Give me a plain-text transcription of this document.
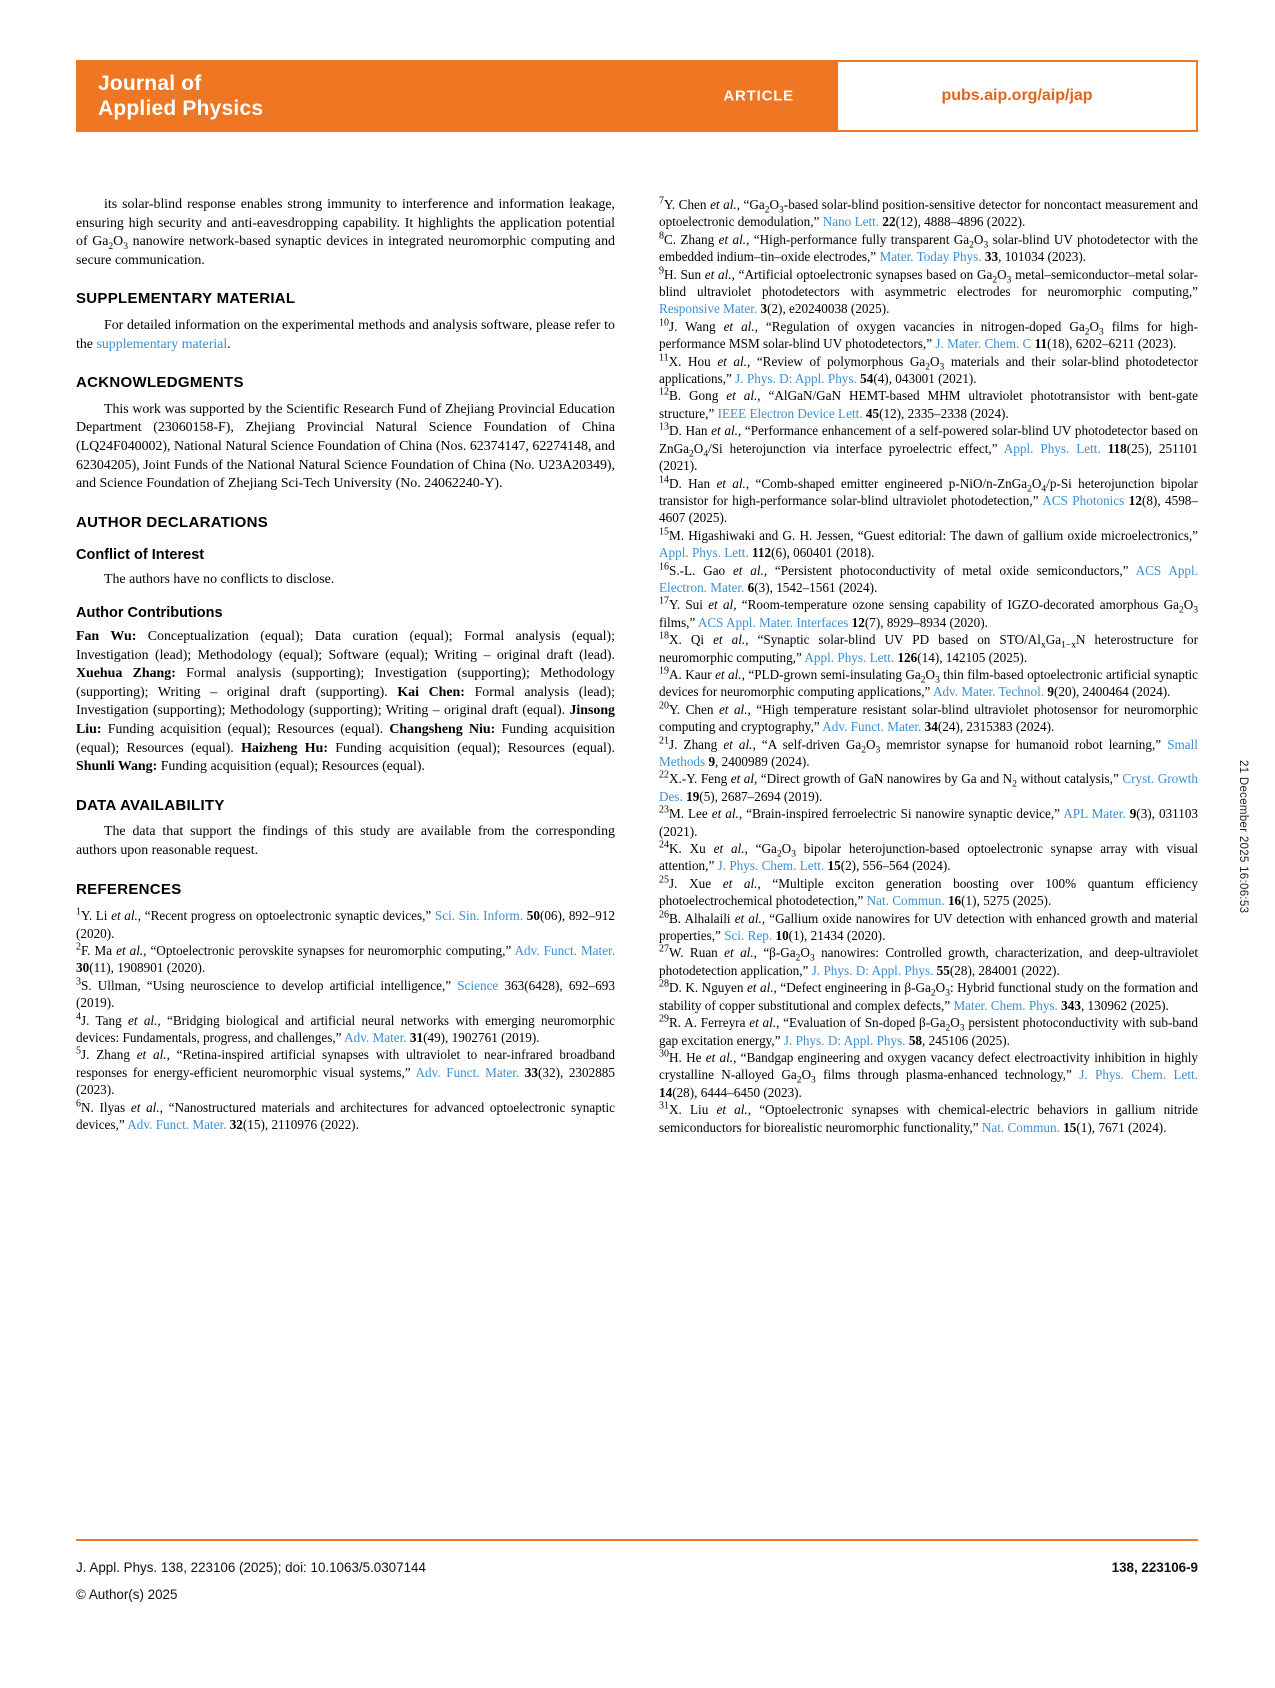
Journal of
Applied Physics
ARTICLE	pubs.aip.org/aip/jap

its solar-blind response enables strong immunity to interference and information leakage, ensuring high security and anti-eavesdropping capability. It highlights the application potential of $Ga_2O_3$ nanowire network-based synaptic devices in integrated neuromorphic computing and secure communication.

SUPPLEMENTARY MATERIAL

For detailed information on the experimental methods and analysis software, please refer to the supplementary material.

ACKNOWLEDGMENTS

This work was supported by the Scientific Research Fund of Zhejiang Provincial Education Department (23060158-F), Zhejiang Provincial Natural Science Foundation of China (LQ24F040002), National Natural Science Foundation of China (Nos. 62374147, 62274148, and 62304205), Joint Funds of the National Natural Science Foundation of China (No. U23A20349), and Science Foundation of Zhejiang Sci-Tech University (No. 24062240-Y).

AUTHOR DECLARATIONS
Conflict of Interest

The authors have no conflicts to disclose.

Author Contributions

Fan Wu: Conceptualization (equal); Data curation (equal); Formal analysis (equal); Investigation (lead); Methodology (equal); Software (equal); Writing – original draft (lead). Xuehua Zhang: Formal analysis (supporting); Investigation (supporting); Methodology (supporting); Writing – original draft (supporting). Kai Chen: Formal analysis (lead); Investigation (supporting); Methodology (supporting); Writing – original draft (equal). Jinsong Liu: Funding acquisition (equal); Resources (equal). Changsheng Niu: Funding acquisition (equal); Resources (equal). Haizheng Hu: Funding acquisition (equal); Resources (equal). Shunli Wang: Funding acquisition (equal); Resources (equal).

DATA AVAILABILITY

The data that support the findings of this study are available from the corresponding authors upon reasonable request.

REFERENCES

$^1$Y. Li et al., “Recent progress on optoelectronic synaptic devices,” Sci. Sin. Inform. 50(06), 892–912 (2020).

$^2$F. Ma et al., “Optoelectronic perovskite synapses for neuromorphic computing,” Adv. Funct. Mater. 30(11), 1908901 (2020).

$^3$S. Ullman, “Using neuroscience to develop artificial intelligence,” Science 363(6428), 692–693 (2019).

$^4$J. Tang et al., “Bridging biological and artificial neural networks with emerging neuromorphic devices: Fundamentals, progress, and challenges,” Adv. Mater. 31(49), 1902761 (2019).

$^5$J. Zhang et al., “Retina-inspired artificial synapses with ultraviolet to near-infrared broadband responses for energy-efficient neuromorphic visual systems,” Adv. Funct. Mater. 33(32), 2302885 (2023).

$^6$N. Ilyas et al., “Nanostructured materials and architectures for advanced optoelectronic synaptic devices,” Adv. Funct. Mater. 32(15), 2110976 (2022).

$^7$Y. Chen et al., “$Ga_2O_3$-based solar-blind position-sensitive detector for noncontact measurement and optoelectronic demodulation,” Nano Lett. 22(12), 4888–4896 (2022).

$^8$C. Zhang et al., “High-performance fully transparent $Ga_2O_3$ solar-blind UV photodetector with the embedded indium–tin–oxide electrodes,” Mater. Today Phys. 33, 101034 (2023).

$^9$H. Sun et al., “Artificial optoelectronic synapses based on $Ga_2O_3$ metal–semiconductor–metal solar-blind ultraviolet photodetectors with asymmetric electrodes for neuromorphic computing,” Responsive Mater. 3(2), e20240038 (2025).

$^{10}$J. Wang et al., “Regulation of oxygen vacancies in nitrogen-doped $Ga_2O_3$ films for high-performance MSM solar-blind UV photodetectors,” J. Mater. Chem. C 11(18), 6202–6211 (2023).

$^{11}$X. Hou et al., “Review of polymorphous $Ga_2O_3$ materials and their solar-blind photodetector applications,” J. Phys. D: Appl. Phys. 54(4), 043001 (2021).

$^{12}$B. Gong et al., “AlGaN/GaN HEMT-based MHM ultraviolet phototransistor with bent-gate structure,” IEEE Electron Device Lett. 45(12), 2335–2338 (2024).

$^{13}$D. Han et al., “Performance enhancement of a self-powered solar-blind UV photodetector based on $ZnGa_2O_4/Si$ heterojunction via interface pyroelectric effect,” Appl. Phys. Lett. 118(25), 251101 (2021).

$^{14}$D. Han et al., “Comb-shaped emitter engineered $p-NiO/n-ZnGa_2O_4/p-Si$ heterojunction bipolar transistor for high-performance solar-blind ultraviolet photodetection,” ACS Photonics 12(8), 4598–4607 (2025).

$^{15}$M. Higashiwaki and G. H. Jessen, “Guest editorial: The dawn of gallium oxide microelectronics,” Appl. Phys. Lett. 112(6), 060401 (2018).

$^{16}$S.-L. Gao et al., “Persistent photoconductivity of metal oxide semiconductors,” ACS Appl. Electron. Mater. 6(3), 1542–1561 (2024).

$^{17}$Y. Sui et al, “Room-temperature ozone sensing capability of IGZO-decorated amorphous $Ga_2O_3$ films,” ACS Appl. Mater. Interfaces 12(7), 8929–8934 (2020).

$^{18}$X. Qi et al., “Synaptic solar-blind UV PD based on STO/$Al_xGa_{1-x}N$ heterostructure for neuromorphic computing,” Appl. Phys. Lett. 126(14), 142105 (2025).

$^{19}$A. Kaur et al., “PLD-grown semi-insulating $Ga_2O_3$ thin film-based optoelectronic artificial synaptic devices for neuromorphic computing applications,” Adv. Mater. Technol. 9(20), 2400464 (2024).

$^{20}$Y. Chen et al., “High temperature resistant solar-blind ultraviolet photosensor for neuromorphic computing and cryptography,” Adv. Funct. Mater. 34(24), 2315383 (2024).

$^{21}$J. Zhang et al., “A self-driven $Ga_2O_3$ memristor synapse for humanoid robot learning,” Small Methods 9, 2400989 (2024).

$^{22}$X.-Y. Feng et al, “Direct growth of GaN nanowires by Ga and $N_2$ without catalysis,” Cryst. Growth Des. 19(5), 2687–2694 (2019).

$^{23}$M. Lee et al., “Brain-inspired ferroelectric Si nanowire synaptic device,” APL Mater. 9(3), 031103 (2021).

$^{24}$K. Xu et al., “$Ga_2O_3$ bipolar heterojunction-based optoelectronic synapse array with visual attention,” J. Phys. Chem. Lett. 15(2), 556–564 (2024).

$^{25}$J. Xue et al., “Multiple exciton generation boosting over 100% quantum efficiency photoelectrochemical photodetection,” Nat. Commun. 16(1), 5275 (2025).

$^{26}$B. Alhalaili et al., “Gallium oxide nanowires for UV detection with enhanced growth and material properties,” Sci. Rep. 10(1), 21434 (2020).

$^{27}$W. Ruan et al., “$\beta-Ga_2O_3$ nanowires: Controlled growth, characterization, and deep-ultraviolet photodetection application,” J. Phys. D: Appl. Phys. 55(28), 284001 (2022).

$^{28}$D. K. Nguyen et al., “Defect engineering in $\beta-Ga_2O_3$: Hybrid functional study on the formation and stability of copper substitutional and complex defects,” Mater. Chem. Phys. 343, 130962 (2025).

$^{29}$R. A. Ferreyra et al., “Evaluation of Sn-doped $\beta-Ga_2O_3$ persistent photoconductivity with sub-band gap excitation energy,” J. Phys. D: Appl. Phys. 58, 245106 (2025).

$^{30}$H. He et al., “Bandgap engineering and oxygen vacancy defect electroactivity inhibition in highly crystalline N-alloyed $Ga_2O_3$ films through plasma-enhanced technology,” J. Phys. Chem. Lett. 14(28), 6444–6450 (2023).

$^{31}$X. Liu et al., “Optoelectronic synapses with chemical-electric behaviors in gallium nitride semiconductors for biorealistic neuromorphic functionality,” Nat. Commun. 15(1), 7671 (2024).

21 December 2025 16:06:53
J. Appl. Phys. 138, 223106 (2025); doi: 10.1063/5.0307144	138, 223106-9
© Author(s) 2025
